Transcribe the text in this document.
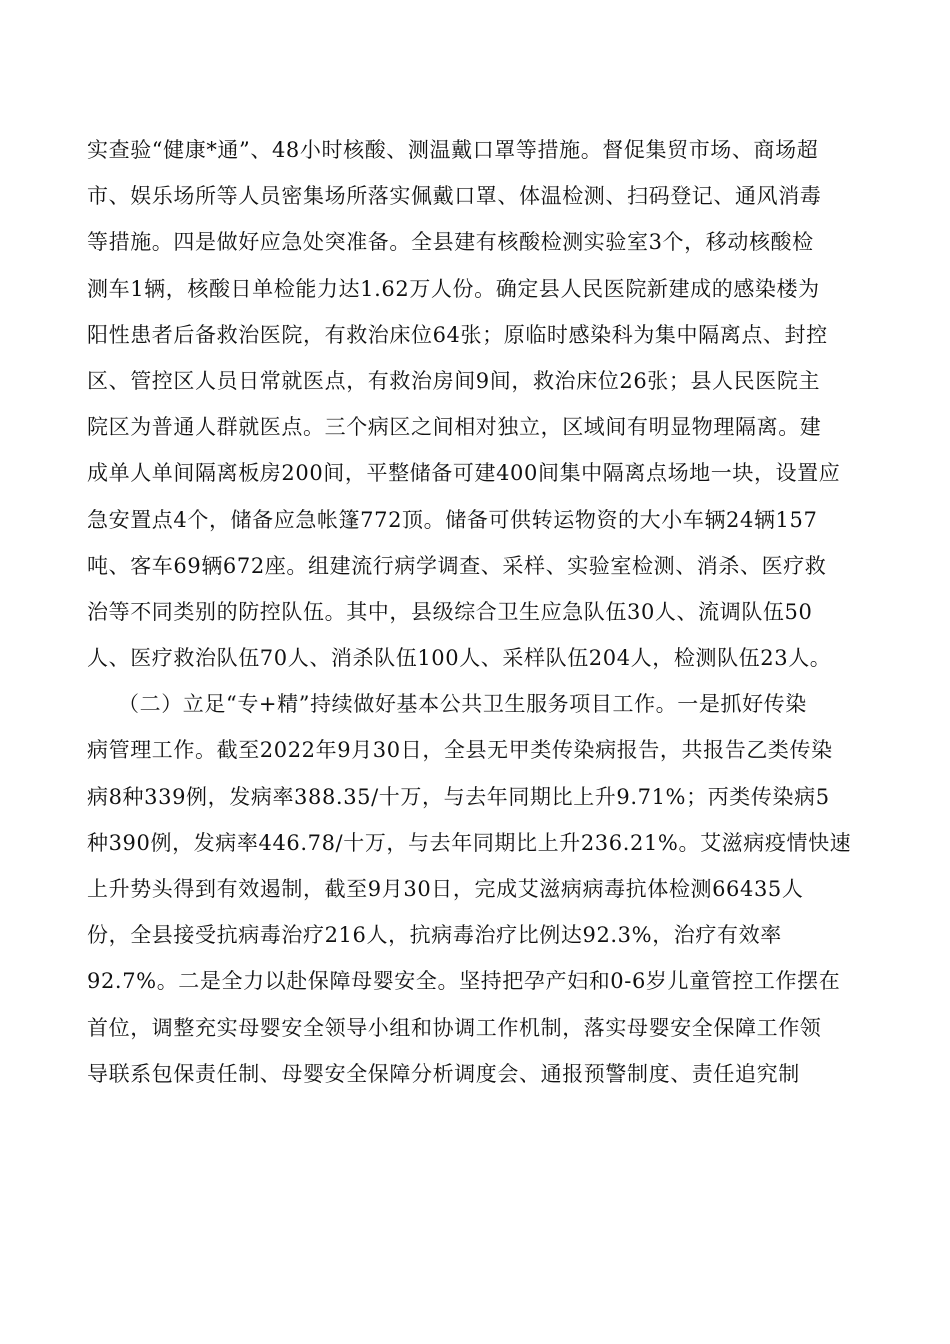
实查验“健康*通”、48小时核酸、测温戴口罩等措施。督促集贸市场、商场超
市、娱乐场所等人员密集场所落实佩戴口罩、体温检测、扫码登记、通风消毒
等措施。四是做好应急处突准备。全县建有核酸检测实验室3个，移动核酸检
测车1辆，核酸日单检能力达1.62万人份。确定县人民医院新建成的感染楼为
阳性患者后备救治医院，有救治床位64张；原临时感染科为集中隔离点、封控
区、管控区人员日常就医点，有救治房间9间，救治床位26张；县人民医院主
院区为普通人群就医点。三个病区之间相对独立，区域间有明显物理隔离。建
成单人单间隔离板房200间，平整储备可建400间集中隔离点场地一块，设置应
急安置点4个，储备应急帐篷772顶。储备可供转运物资的大小车辆24辆157
吨、客车69辆672座。组建流行病学调查、采样、实验室检测、消杀、医疗救
治等不同类别的防控队伍。其中，县级综合卫生应急队伍30人、流调队伍50
人、医疗救治队伍70人、消杀队伍100人、采样队伍204人，检测队伍23人。
（二）立足“专+精”持续做好基本公共卫生服务项目工作。一是抓好传染
病管理工作。截至2022年9月30日，全县无甲类传染病报告，共报告乙类传染
病8种339例，发病率388.35/十万，与去年同期比上升9.71%；丙类传染病5
种390例，发病率446.78/十万，与去年同期比上升236.21%。艾滋病疫情快速
上升势头得到有效遏制，截至9月30日，完成艾滋病病毒抗体检测66435人
份，全县接受抗病毒治疗216人，抗病毒治疗比例达92.3%，治疗有效率
92.7%。二是全力以赴保障母婴安全。坚持把孕产妇和0-6岁儿童管控工作摆在
首位，调整充实母婴安全领导小组和协调工作机制，落实母婴安全保障工作领
导联系包保责任制、母婴安全保障分析调度会、通报预警制度、责任追究制
